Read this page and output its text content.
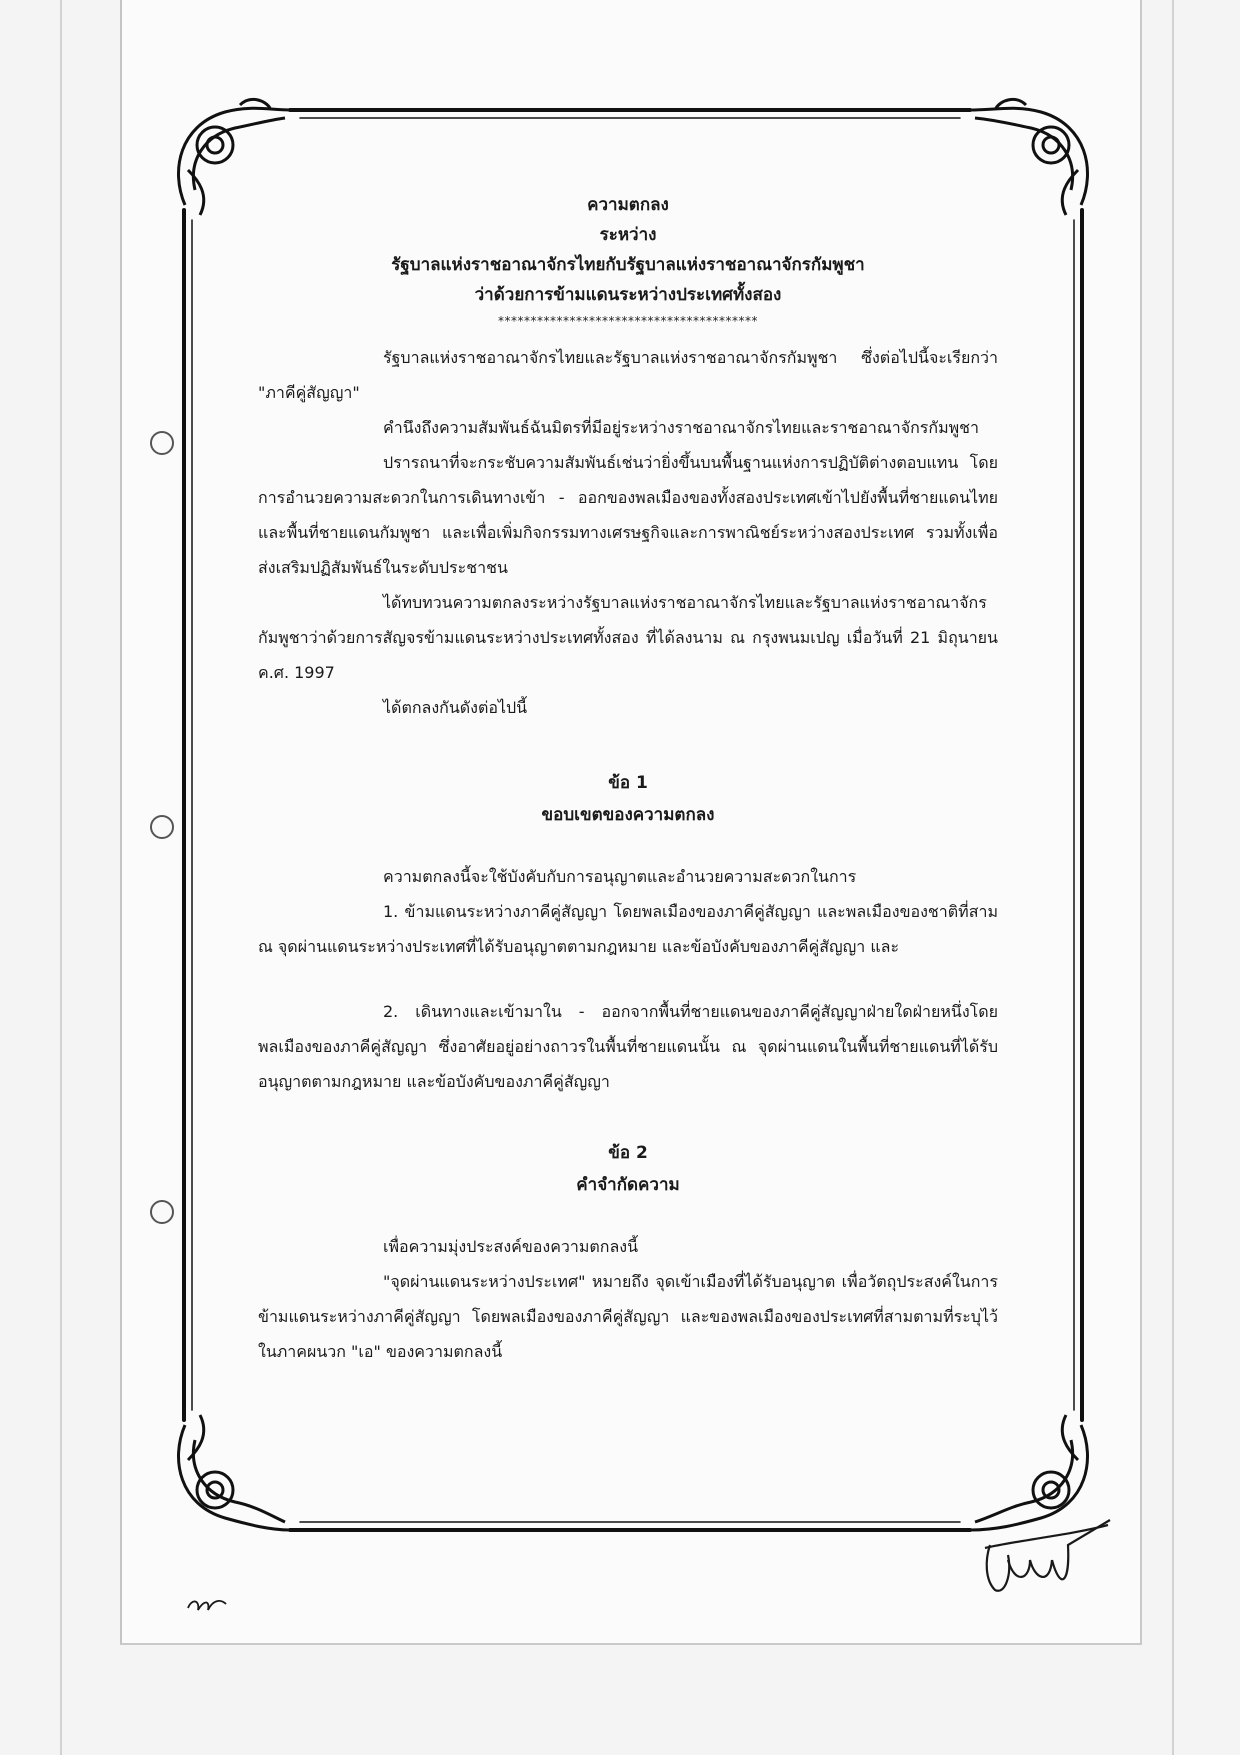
ความตกลง
ระหว่าง
รัฐบาลแห่งราชอาณาจักรไทยกับรัฐบาลแห่งราชอาณาจักรกัมพูชา
ว่าด้วยการข้ามแดนระหว่างประเทศทั้งสอง
****************************************

รัฐบาลแห่งราชอาณาจักรไทยและรัฐบาลแห่งราชอาณาจักรกัมพูชา ซึ่งต่อไปนี้จะเรียกว่า "ภาคีคู่สัญญา"

คำนึงถึงความสัมพันธ์ฉันมิตรที่มีอยู่ระหว่างราชอาณาจักรไทยและราชอาณาจักรกัมพูชา

ปรารถนาที่จะกระชับความสัมพันธ์เช่นว่ายิ่งขึ้นบนพื้นฐานแห่งการปฏิบัติต่างตอบแทน โดยการอำนวยความสะดวกในการเดินทางเข้า - ออกของพลเมืองของทั้งสองประเทศเข้าไปยังพื้นที่ชายแดนไทยและพื้นที่ชายแดนกัมพูชา และเพื่อเพิ่มกิจกรรมทางเศรษฐกิจและการพาณิชย์ระหว่างสองประเทศ รวมทั้งเพื่อส่งเสริมปฏิสัมพันธ์ในระดับประชาชน

ได้ทบทวนความตกลงระหว่างรัฐบาลแห่งราชอาณาจักรไทยและรัฐบาลแห่งราชอาณาจักรกัมพูชาว่าด้วยการสัญจรข้ามแดนระหว่างประเทศทั้งสอง ที่ได้ลงนาม ณ กรุงพนมเปญ เมื่อวันที่ 21 มิถุนายน ค.ศ. 1997

ได้ตกลงกันดังต่อไปนี้

ข้อ 1
ขอบเขตของความตกลง

ความตกลงนี้จะใช้บังคับกับการอนุญาตและอำนวยความสะดวกในการ

1. ข้ามแดนระหว่างภาคีคู่สัญญา โดยพลเมืองของภาคีคู่สัญญา และพลเมืองของชาติที่สาม ณ จุดผ่านแดนระหว่างประเทศที่ได้รับอนุญาตตามกฎหมาย และข้อบังคับของภาคีคู่สัญญา และ

2. เดินทางและเข้ามาใน - ออกจากพื้นที่ชายแดนของภาคีคู่สัญญาฝ่ายใดฝ่ายหนึ่งโดยพลเมืองของภาคีคู่สัญญา ซึ่งอาศัยอยู่อย่างถาวรในพื้นที่ชายแดนนั้น ณ จุดผ่านแดนในพื้นที่ชายแดนที่ได้รับอนุญาตตามกฎหมาย และข้อบังคับของภาคีคู่สัญญา

ข้อ 2
คำจำกัดความ

เพื่อความมุ่งประสงค์ของความตกลงนี้

"จุดผ่านแดนระหว่างประเทศ" หมายถึง จุดเข้าเมืองที่ได้รับอนุญาต เพื่อวัตถุประสงค์ในการข้ามแดนระหว่างภาคีคู่สัญญา โดยพลเมืองของภาคีคู่สัญญา และของพลเมืองของประเทศที่สามตามที่ระบุไว้ในภาคผนวก "เอ" ของความตกลงนี้
